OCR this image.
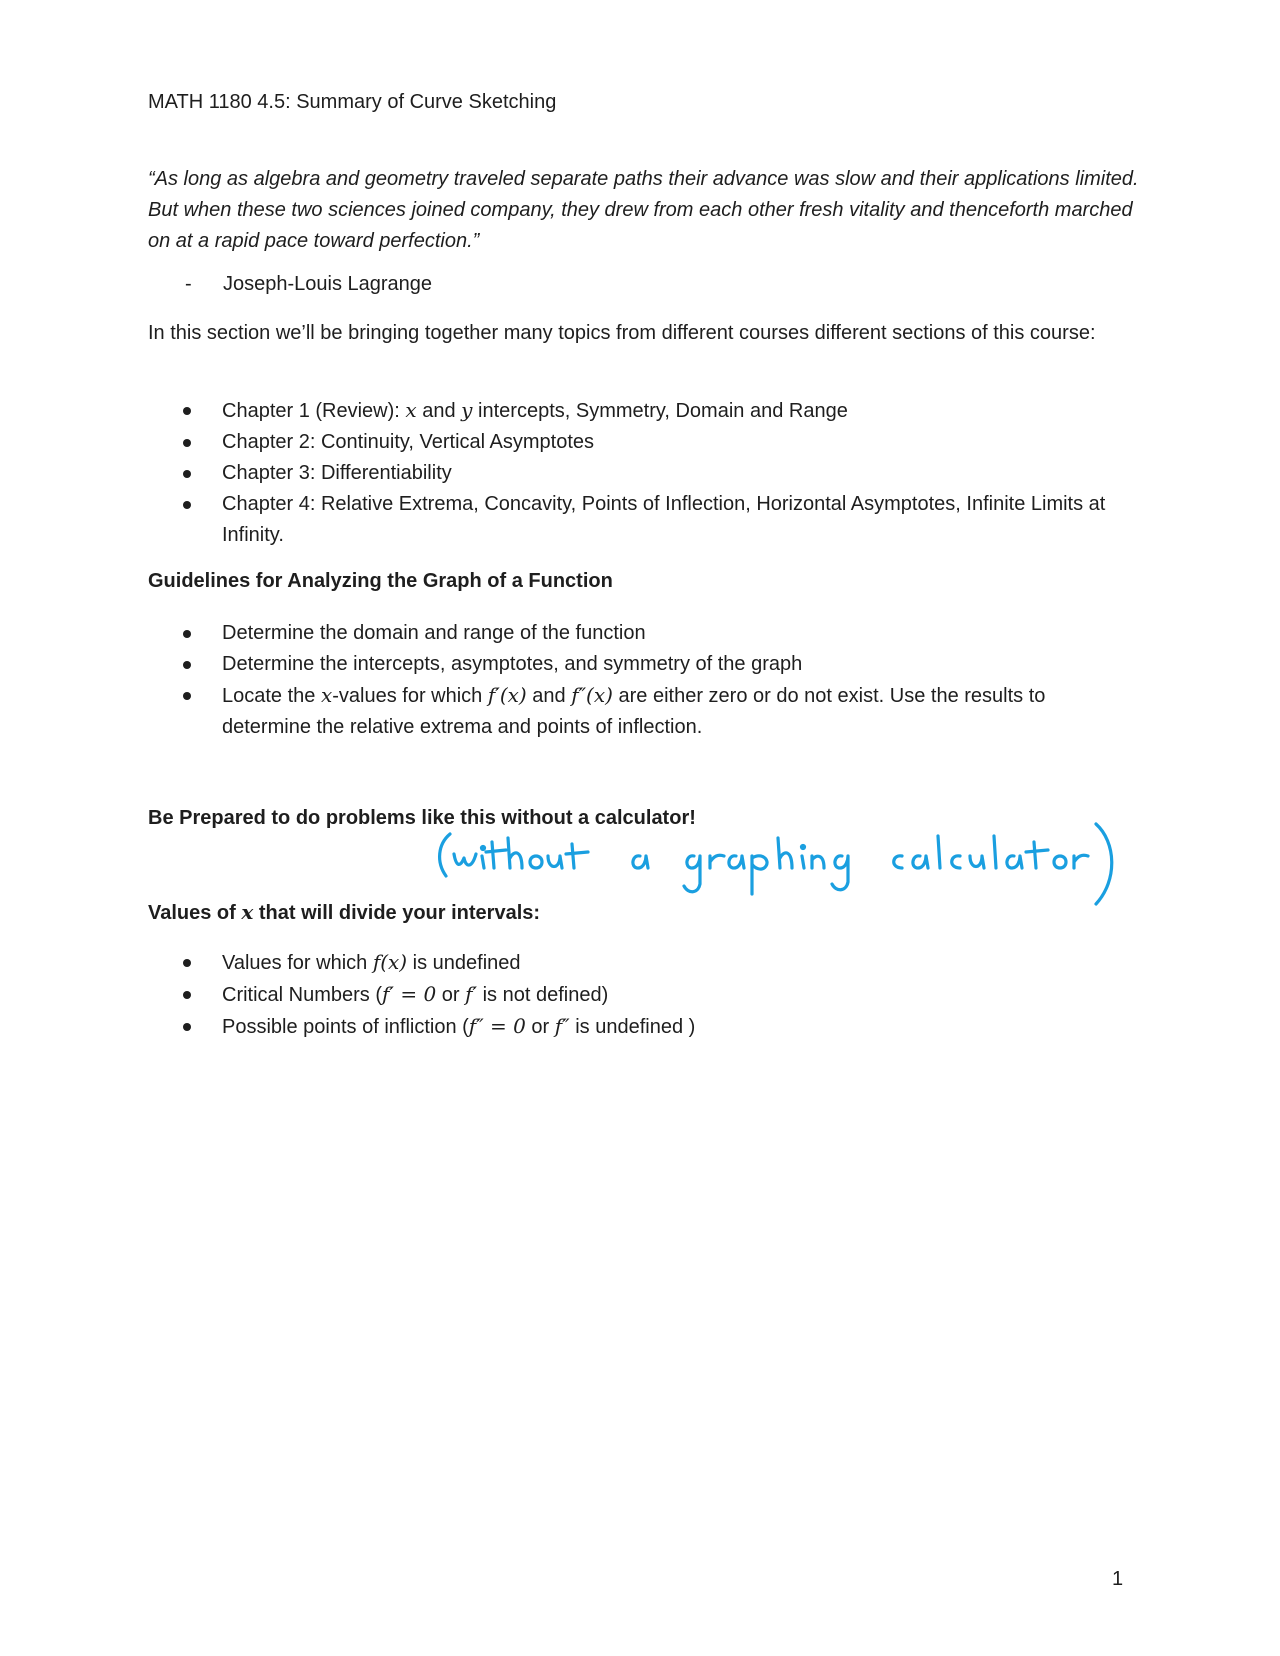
MATH 1180 4.5: Summary of Curve Sketching
“As long as algebra and geometry traveled separate paths their advance was slow and their applications limited. But when these two sciences joined company, they drew from each other fresh vitality and thenceforth marched on at a rapid pace toward perfection.”
- Joseph-Louis Lagrange
In this section we’ll be bringing together many topics from different courses different sections of this course:
Chapter 1 (Review): x and y intercepts, Symmetry, Domain and Range
Chapter 2: Continuity, Vertical Asymptotes
Chapter 3: Differentiability
Chapter 4: Relative Extrema, Concavity, Points of Inflection, Horizontal Asymptotes, Infinite Limits at Infinity.
Guidelines for Analyzing the Graph of a Function
Determine the domain and range of the function
Determine the intercepts, asymptotes, and symmetry of the graph
Locate the x-values for which f′(x) and f″(x) are either zero or do not exist. Use the results to determine the relative extrema and points of inflection.
Be Prepared to do problems like this without a calculator!
Values of x that will divide your intervals:
Values for which f(x) is undefined
Critical Numbers (f′ = 0 or f′ is not defined)
Possible points of infliction (f″ = 0 or f″ is undefined )
1
